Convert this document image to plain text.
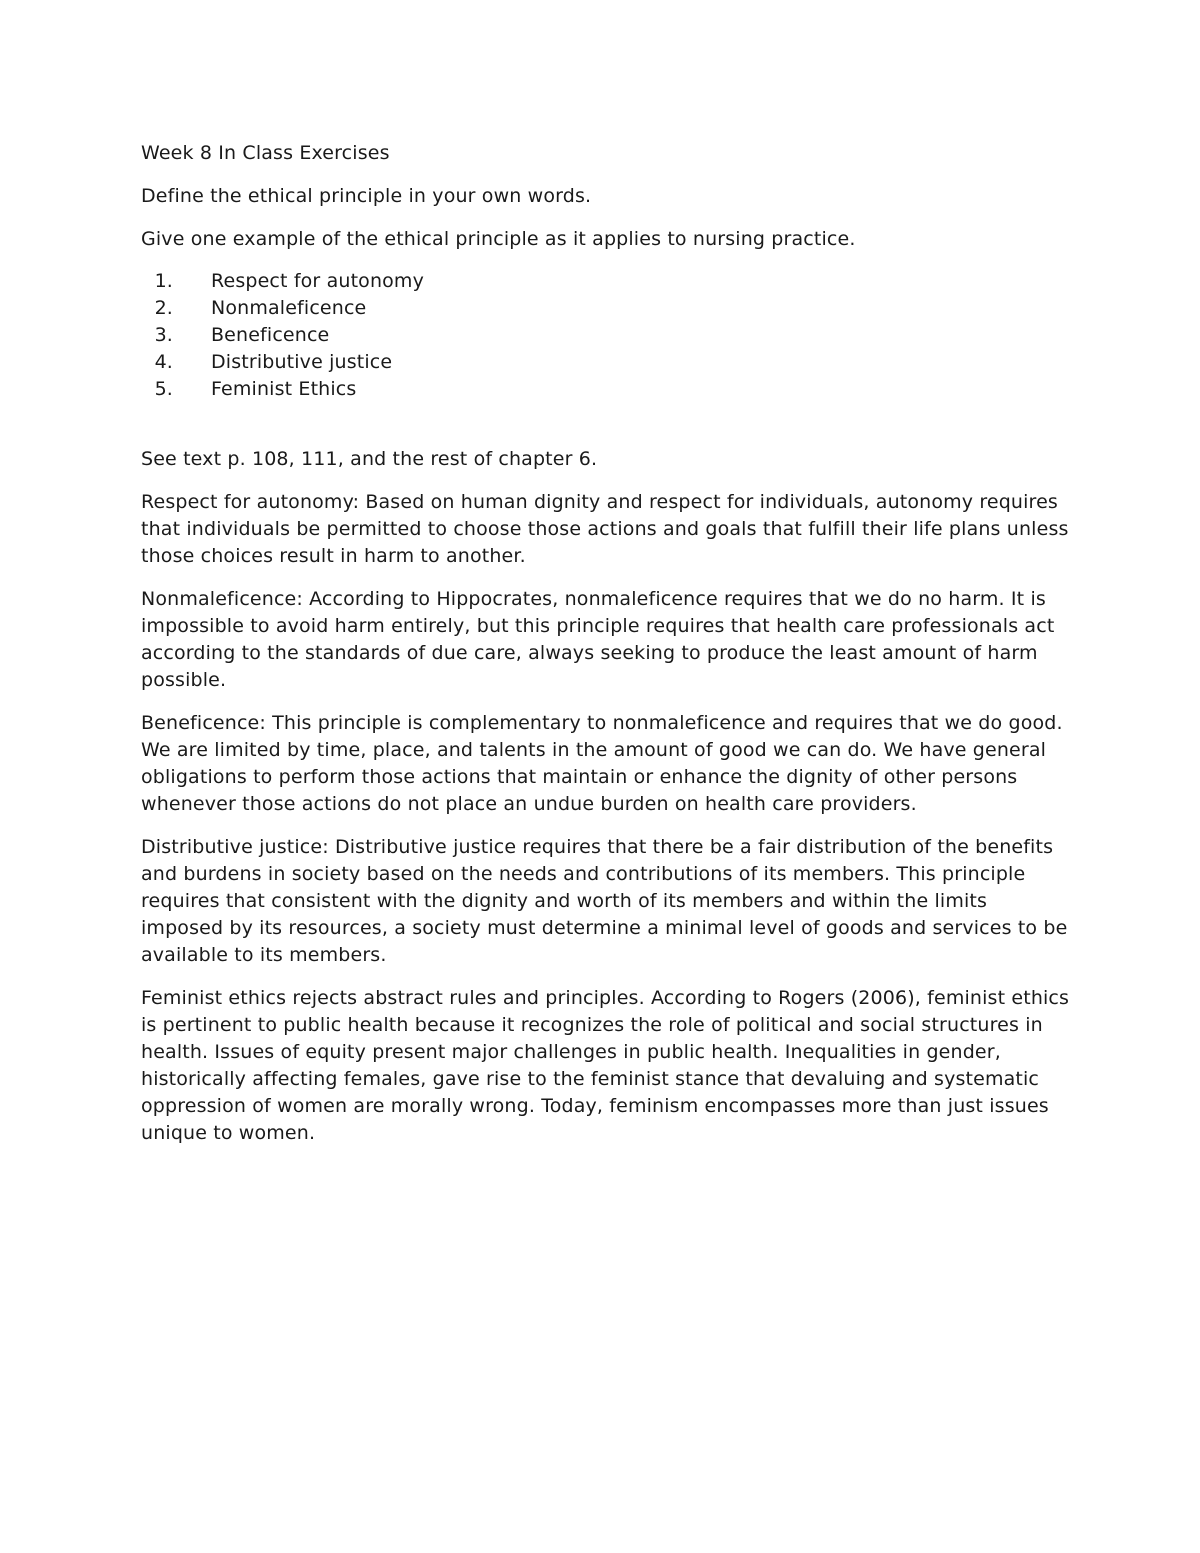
Week 8 In Class Exercises
Define the ethical principle in your own words.
Give one example of the ethical principle as it applies to nursing practice.
1. Respect for autonomy
2. Nonmaleficence
3. Beneficence
4. Distributive justice
5. Feminist Ethics
See text p. 108, 111, and the rest of chapter 6.
Respect for autonomy: Based on human dignity and respect for individuals, autonomy requires that individuals be permitted to choose those actions and goals that fulfill their life plans unless those choices result in harm to another.
Nonmaleficence: According to Hippocrates, nonmaleficence requires that we do no harm. It is impossible to avoid harm entirely, but this principle requires that health care professionals act according to the standards of due care, always seeking to produce the least amount of harm possible.
Beneficence: This principle is complementary to nonmaleficence and requires that we do good. We are limited by time, place, and talents in the amount of good we can do. We have general obligations to perform those actions that maintain or enhance the dignity of other persons whenever those actions do not place an undue burden on health care providers.
Distributive justice: Distributive justice requires that there be a fair distribution of the benefits and burdens in society based on the needs and contributions of its members. This principle requires that consistent with the dignity and worth of its members and within the limits imposed by its resources, a society must determine a minimal level of goods and services to be available to its members.
Feminist ethics rejects abstract rules and principles. According to Rogers (2006), feminist ethics is pertinent to public health because it recognizes the role of political and social structures in health. Issues of equity present major challenges in public health. Inequalities in gender, historically affecting females, gave rise to the feminist stance that devaluing and systematic oppression of women are morally wrong. Today, feminism encompasses more than just issues unique to women.
